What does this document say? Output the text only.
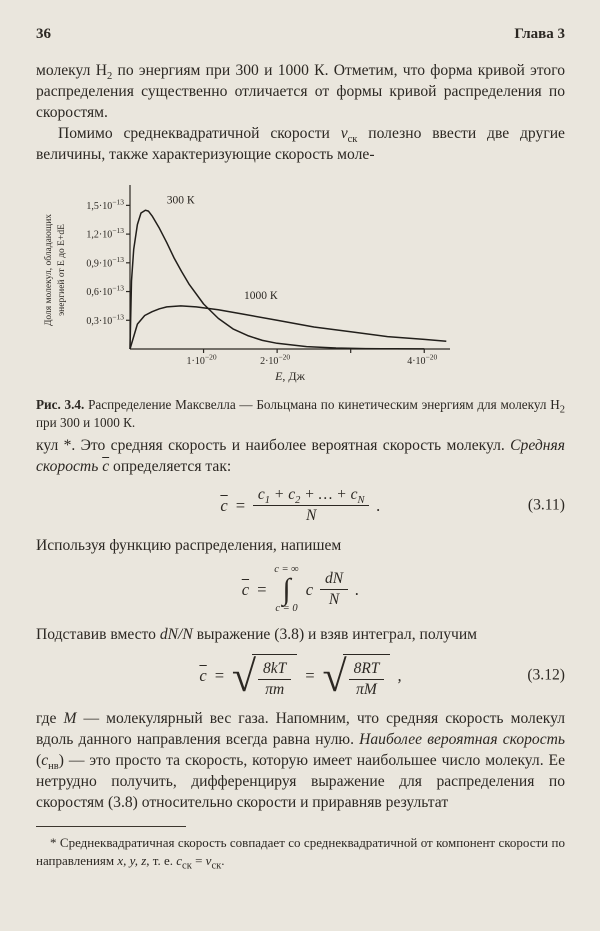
36	Глава 3

молекул $Н_2$ по энергиям при 300 и 1000 К. Отметим, что форма кривой этого распределения существенно отличается от формы кривой распределения по скоростям.

Помимо среднеквадратичной скорости $v_{ск}$ полезно ввести две другие величины, также характеризующие скорость моле-

$0,3\cdot 10^{-13}$
$0,6\cdot 10^{-13}$
$0,9\cdot 10^{-13}$
$1,2\cdot 10^{-13}$
$1,5\cdot 10^{-13}$
$1\cdot 10^{-20}$	$2\cdot 10^{-20}$	$4\cdot 10^{-20}$
E, Дж
Доля молекул, обладающих энергией от E до E+dE
300 К
1000 К
Рис. 3.4. Распределение Максвелла — Больцмана по кинетическим энергиям для молекул $Н_2$ при 300 и 1000 К.

кул *. Это средняя скорость и наиболее вероятная скорость молекул. Средняя скорость $\overline{c}$ определяется так:

$\overline{c} = \frac{c_1 + c_2 + \dots + c_N}{N}$ .	(3.11)

Используя функцию распределения, напишем

$\overline{c}$ =
c = ∞
∫
c = 0
c $\frac{dN}{N}$ .

Подставив вместо dN/N выражение (3.8) и взяв интеграл, получим

$\overline{c}$ = √ $\frac{8kT}{\pi m}$ = √ $\frac{8RT}{\pi M}$ ,	(3.12)

где М — молекулярный вес газа. Напомним, что средняя скорость молекул вдоль данного направления всегда равна нулю. Наиболее вероятная скорость $(c_{нв})$ — это просто та скорость, которую имеет наибольшее число молекул. Ее нетрудно получить, дифференцируя выражение для распределения по скоростям (3.8) относительно скорости и приравняв результат

* Среднеквадратичная скорость совпадает со среднеквадратичной от компонент скорости по направлениям x, y, z, т. е. $c_{ск} = v_{ск}$.
